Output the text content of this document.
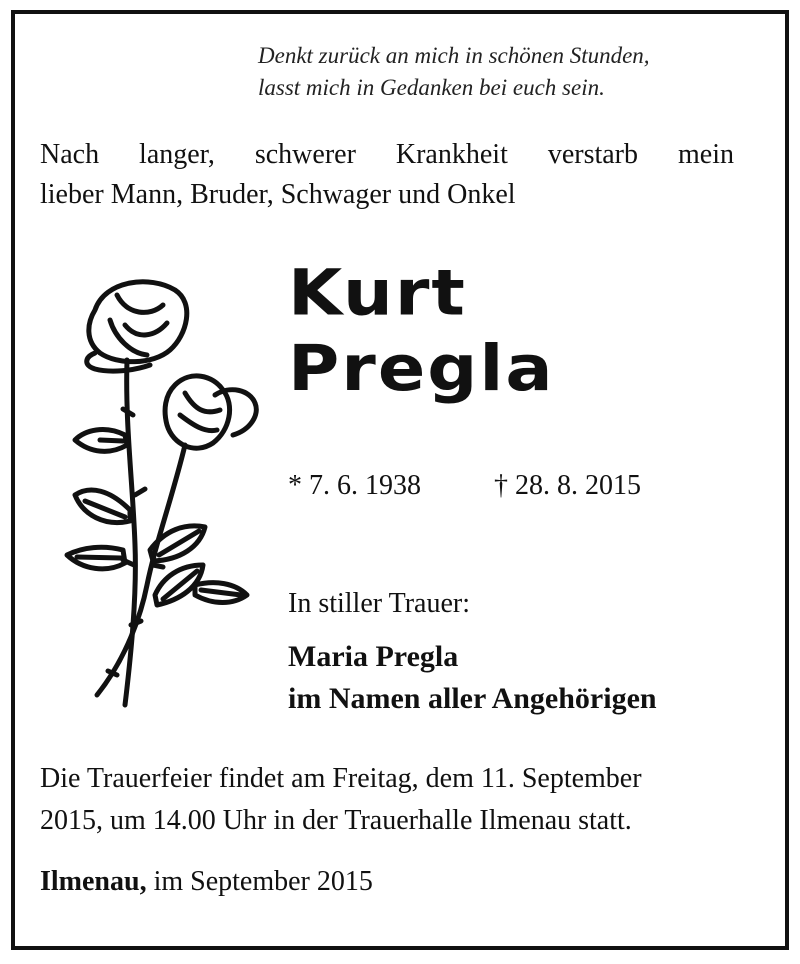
Denkt zurück an mich in schönen Stunden,
lasst mich in Gedanken bei euch sein.
Nach langer, schwerer Krankheit verstarb mein
lieber Mann, Bruder, Schwager und Onkel
Kurt
Pregla
* 7. 6. 1938	† 28. 8. 2015
In stiller Trauer:
Maria Pregla
im Namen aller Angehörigen
Die Trauerfeier findet am Freitag, dem 11. September
2015, um 14.00 Uhr in der Trauerhalle Ilmenau statt.
Ilmenau, im September 2015
